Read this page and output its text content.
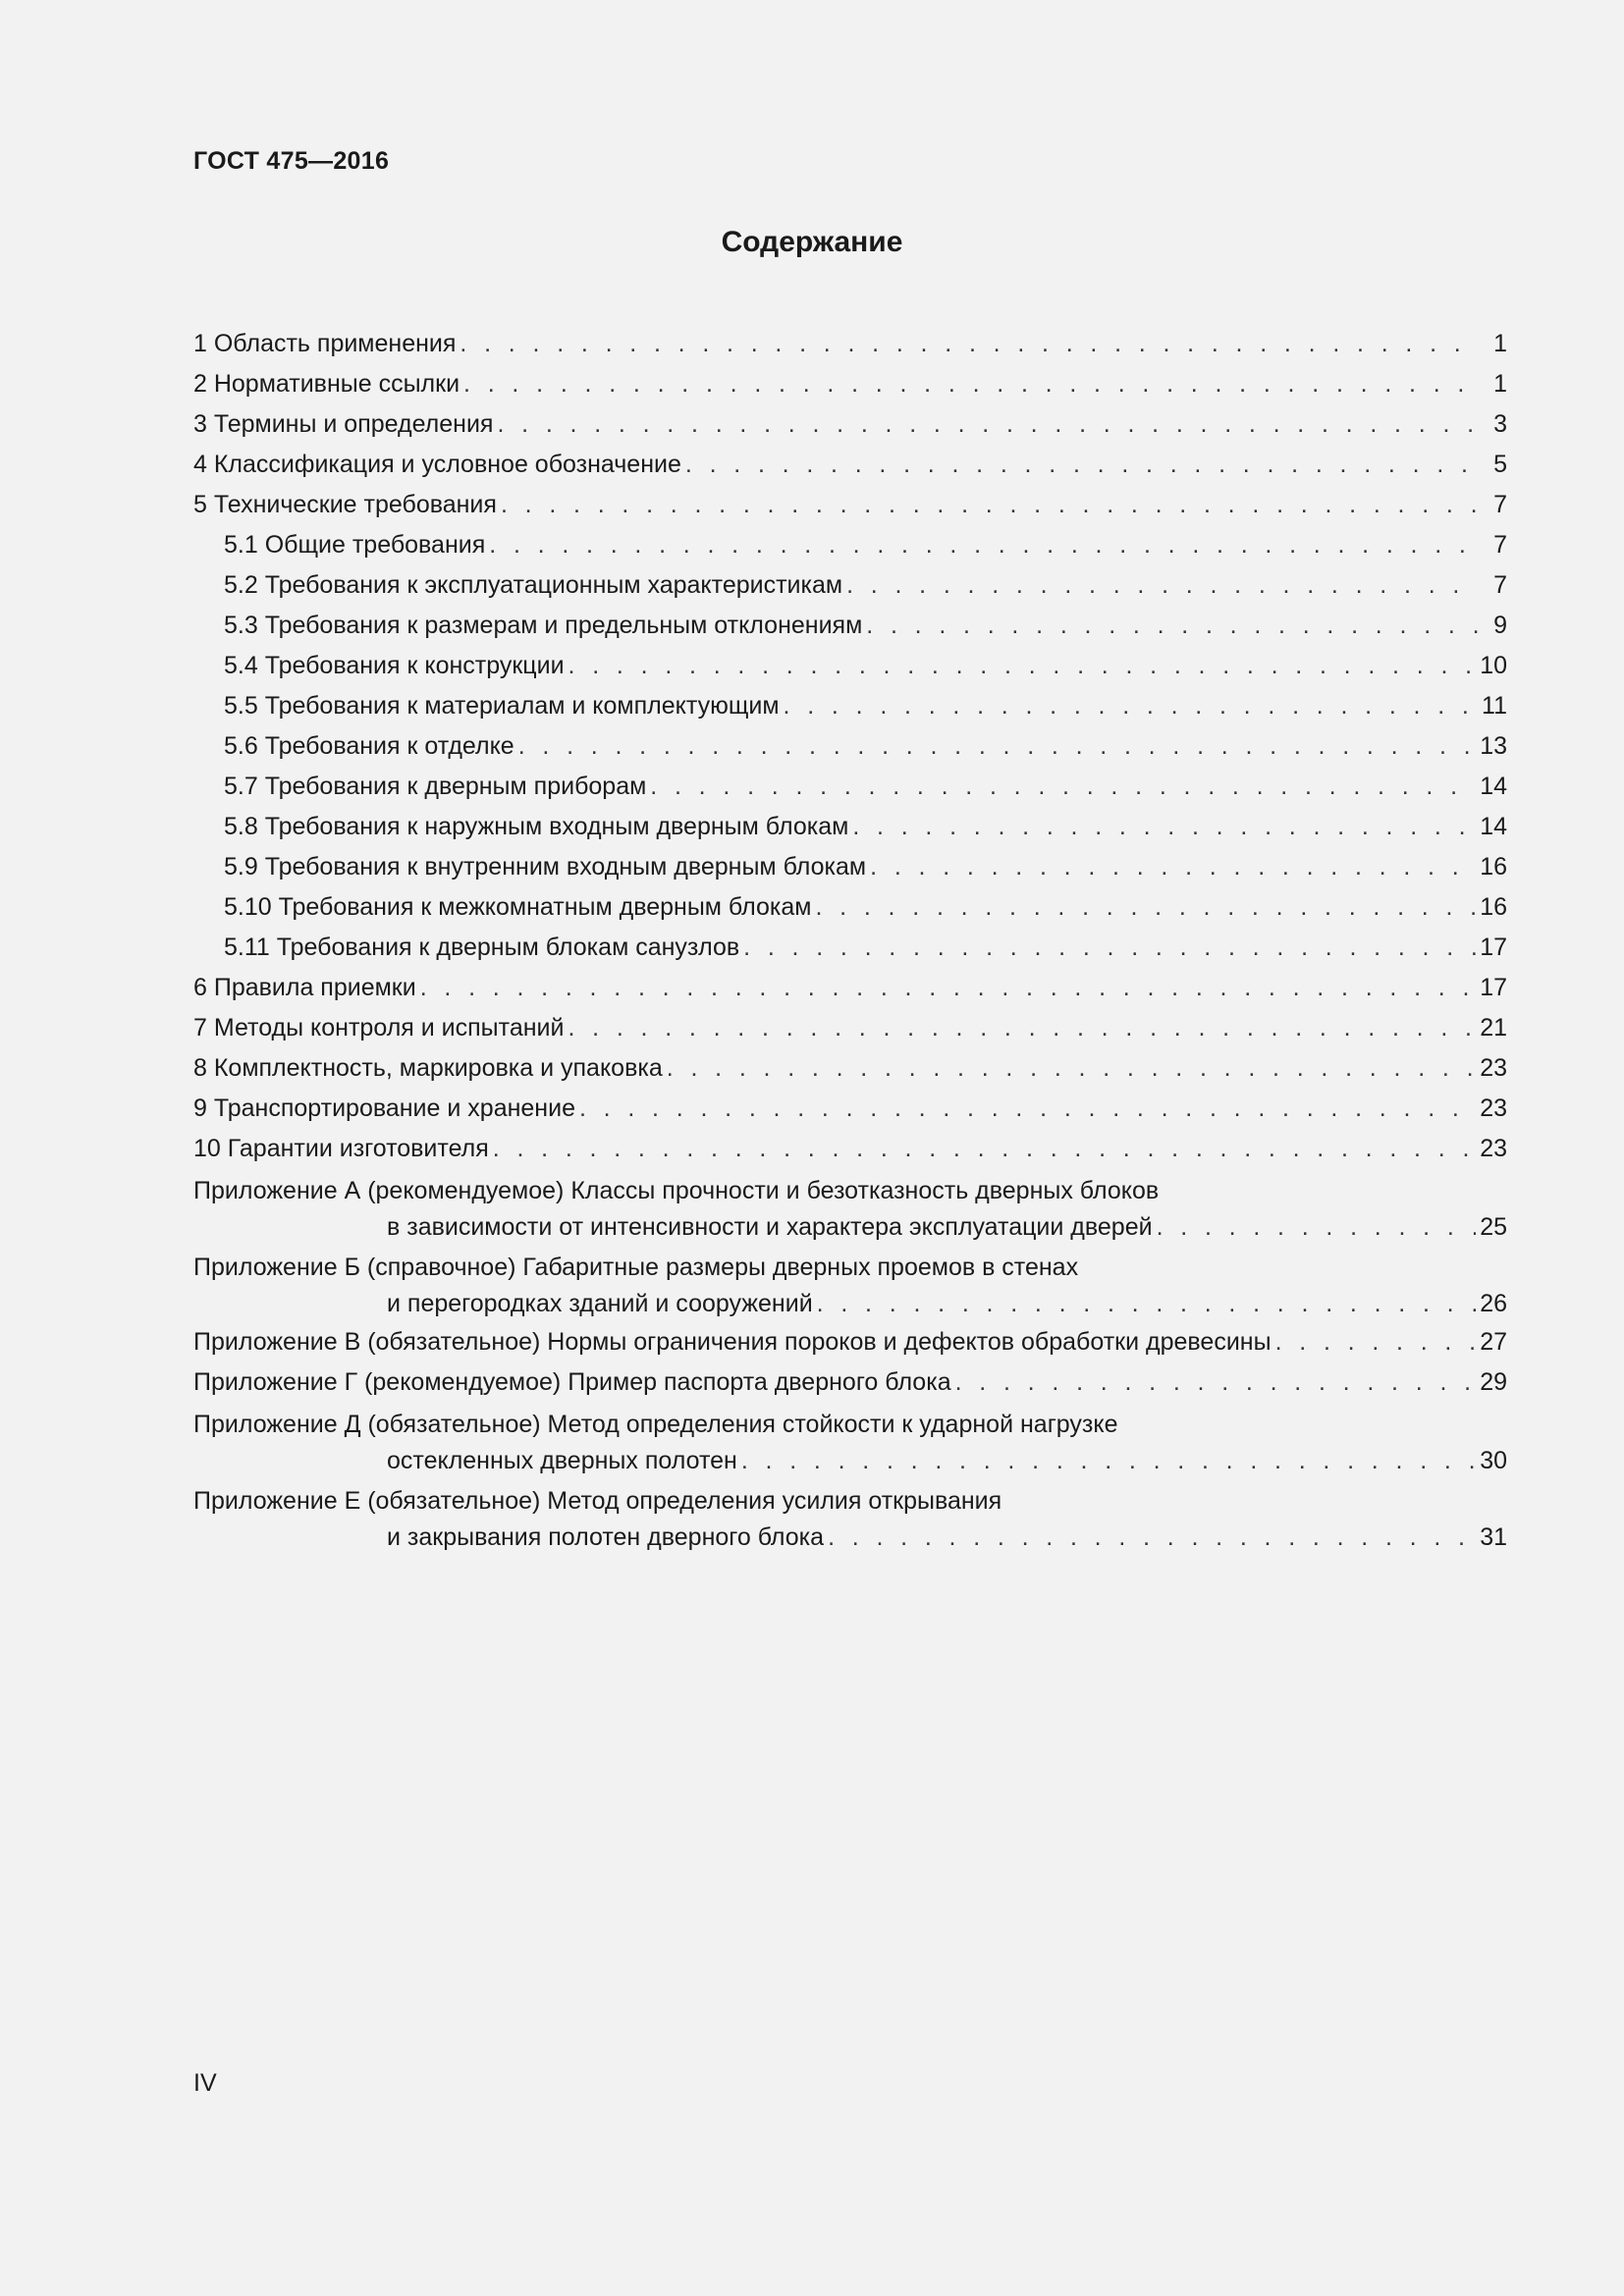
ГОСТ 475—2016
Содержание
1 Область применения . . .	1
2 Нормативные ссылки . . .	1
3 Термины и определения . . .	3
4 Классификация и условное обозначение . . .	5
5 Технические требования . . .	7
5.1 Общие требования . . .	7
5.2 Требования к эксплуатационным характеристикам . . .	7
5.3 Требования к размерам и предельным отклонениям . . .	9
5.4 Требования к конструкции . . .	10
5.5 Требования к материалам и комплектующим . . .	11
5.6 Требования к отделке . . .	13
5.7 Требования к дверным приборам . . .	14
5.8 Требования к наружным входным дверным блокам . . .	14
5.9 Требования к внутренним входным дверным блокам . . .	16
5.10 Требования к межкомнатным дверным блокам . . .	16
5.11 Требования к дверным блокам санузлов . . .	17
6 Правила приемки . . .	17
7 Методы контроля и испытаний . . .	21
8 Комплектность, маркировка и упаковка . . .	23
9 Транспортирование и хранение . . .	23
10 Гарантии изготовителя . . .	23
Приложение А (рекомендуемое) Классы прочности и безотказность дверных блоков
в зависимости от интенсивности и характера эксплуатации дверей . . .	25
Приложение Б (справочное) Габаритные размеры дверных проемов в стенах
и перегородках зданий и сооружений . . .	26
Приложение В (обязательное) Нормы ограничения пороков и дефектов обработки древесины . . .	27
Приложение Г (рекомендуемое) Пример паспорта дверного блока . . .	29
Приложение Д (обязательное) Метод определения стойкости к ударной нагрузке
остекленных дверных полотен . . .	30
Приложение Е (обязательное) Метод определения усилия открывания
и закрывания полотен дверного блока . . .	31
IV
